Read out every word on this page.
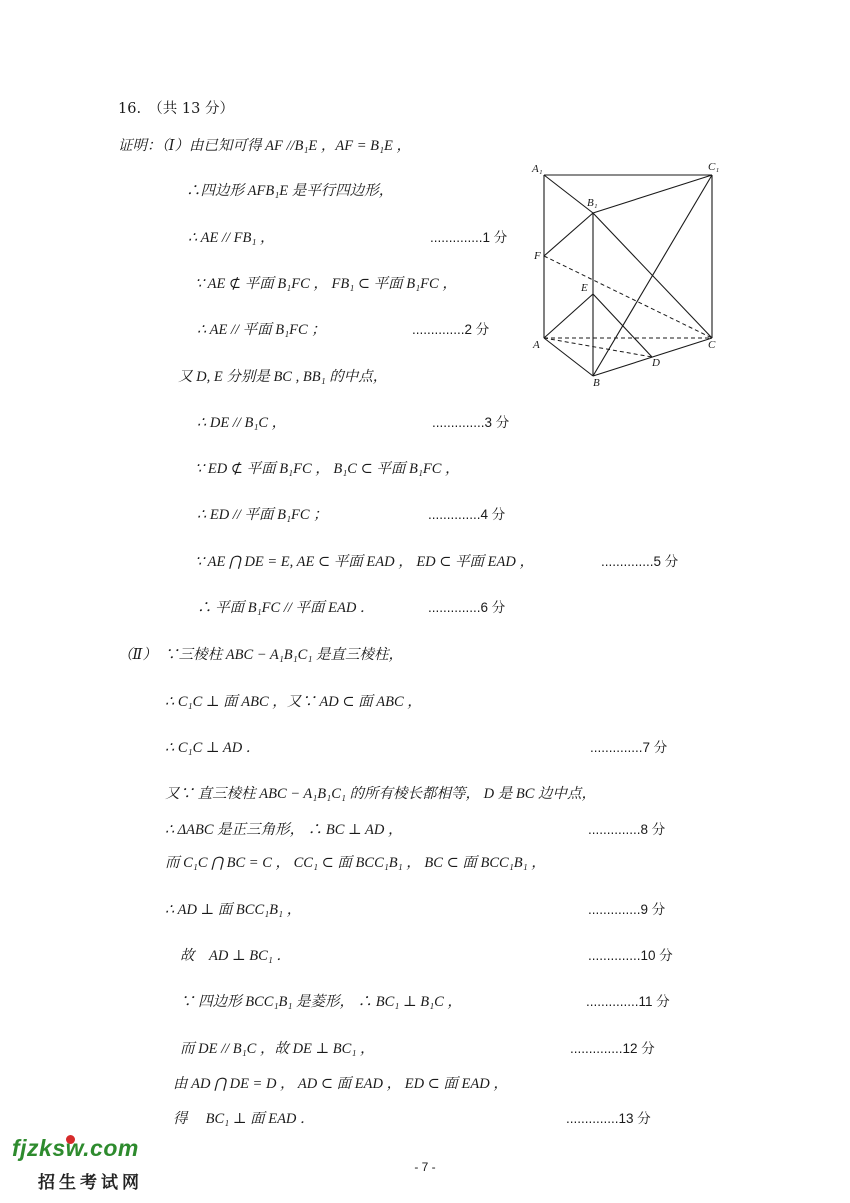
16.　（共 13 分）
证明：（Ⅰ）由已知可得 AF //B₁E ，AF = B₁E ，
∴四边形 AFB₁E 是平行四边形，
∴ AE // FB₁ ，	..............1 分
∵ AE ⊄ 平面 B₁FC ， FB₁ ⊂ 平面 B₁FC ，
∴ AE // 平面 B₁FC ；	..............2 分
又 D, E 分别是 BC , BB₁ 的中点，
∴ DE // B₁C ，	..............3 分
∵ ED ⊄ 平面 B₁FC ， B₁C ⊂ 平面 B₁FC ，
∴ ED // 平面 B₁FC ；	..............4 分
∵ AE ⋂ DE = E, AE ⊂ 平面 EAD ， ED ⊂ 平面 EAD ，	..............5 分
∴ 平面 B₁FC // 平面 EAD ．	..............6 分
（Ⅱ）　∵三棱柱 ABC − A₁B₁C₁ 是直三棱柱，
∴ C₁C ⊥ 面 ABC ，又∵ AD ⊂ 面 ABC ，
∴ C₁C ⊥ AD ．	..............7 分
又∵ 直三棱柱 ABC − A₁B₁C₁ 的所有棱长都相等， D 是 BC 边中点，
∴ ΔABC 是正三角形， ∴ BC ⊥ AD ，	..............8 分
而 C₁C ⋂ BC = C ， CC₁ ⊂ 面 BCC₁B₁ ， BC ⊂ 面 BCC₁B₁ ，
∴ AD ⊥ 面 BCC₁B₁ ，	..............9 分
故　AD ⊥ BC₁ ．	..............10 分
∵ 四边形 BCC₁B₁ 是菱形， ∴ BC₁ ⊥ B₁C ，	..............11 分
而 DE // B₁C ，故 DE ⊥ BC₁ ，	..............12 分
由 AD ⋂ DE = D ， AD ⊂ 面 EAD ， ED ⊂ 面 EAD ，
得　 BC₁ ⊥ 面 EAD ．	..............13 分
A₁	C₁
B₁
F
E
A	C
D
B
fjzksw.com
招生考试网
- 7 -
